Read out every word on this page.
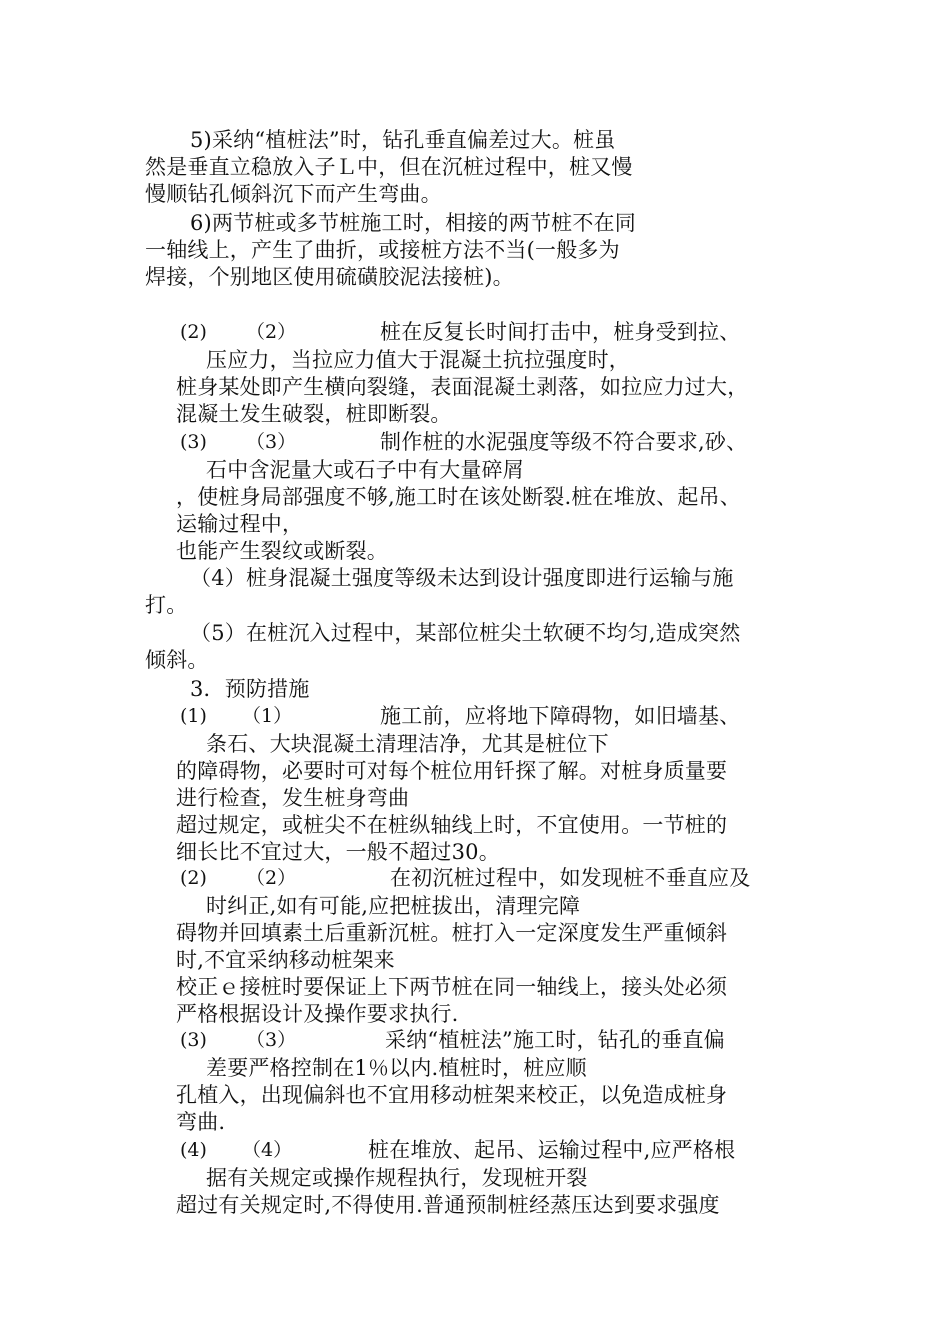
5)采纳“植桩法”时，钻孔垂直偏差过大。桩虽
然是垂直立稳放入子Ｌ中，但在沉桩过程中，桩又慢
慢顺钻孔倾斜沉下而产生弯曲。
6)两节桩或多节桩施工时，相接的两节桩不在同
一轴线上，产生了曲折，或接桩方法不当(一般多为
焊接，个别地区使用硫磺胶泥法接桩)。
(2) （2）	桩在反复长时间打击中，桩身受到拉、
压应力，当拉应力值大于混凝土抗拉强度时，
桩身某处即产生横向裂缝，表面混凝土剥落，如拉应力过大，
混凝土发生破裂，桩即断裂。
(3) （3）	制作桩的水泥强度等级不符合要求,砂、
石中含泥量大或石子中有大量碎屑
，使桩身局部强度不够,施工时在该处断裂.桩在堆放、起吊、
运输过程中，
也能产生裂纹或断裂。
（4）桩身混凝土强度等级未达到设计强度即进行运输与施
打。
（5）在桩沉入过程中，某部位桩尖土软硬不均匀,造成突然
倾斜。
3．预防措施
(1) （1）	施工前，应将地下障碍物，如旧墙基、
条石、大块混凝土清理洁净，尤其是桩位下
的障碍物，必要时可对每个桩位用钎探了解。对桩身质量要
进行检查，发生桩身弯曲
超过规定，或桩尖不在桩纵轴线上时，不宜使用。一节桩的
细长比不宜过大，一般不超过30。
(2) （2）	在初沉桩过程中，如发现桩不垂直应及
时纠正,如有可能,应把桩拔出，清理完障
碍物并回填素土后重新沉桩。桩打入一定深度发生严重倾斜
时,不宜采纳移动桩架来
校正ｅ接桩时要保证上下两节桩在同一轴线上，接头处必须
严格根据设计及操作要求执行.
(3) （3）	采纳“植桩法”施工时，钻孔的垂直偏
差要严格控制在1％以内.植桩时，桩应顺
孔植入，出现偏斜也不宜用移动桩架来校正，以免造成桩身
弯曲.
(4) （4）	桩在堆放、起吊、运输过程中,应严格根
据有关规定或操作规程执行，发现桩开裂
超过有关规定时,不得使用.普通预制桩经蒸压达到要求强度
